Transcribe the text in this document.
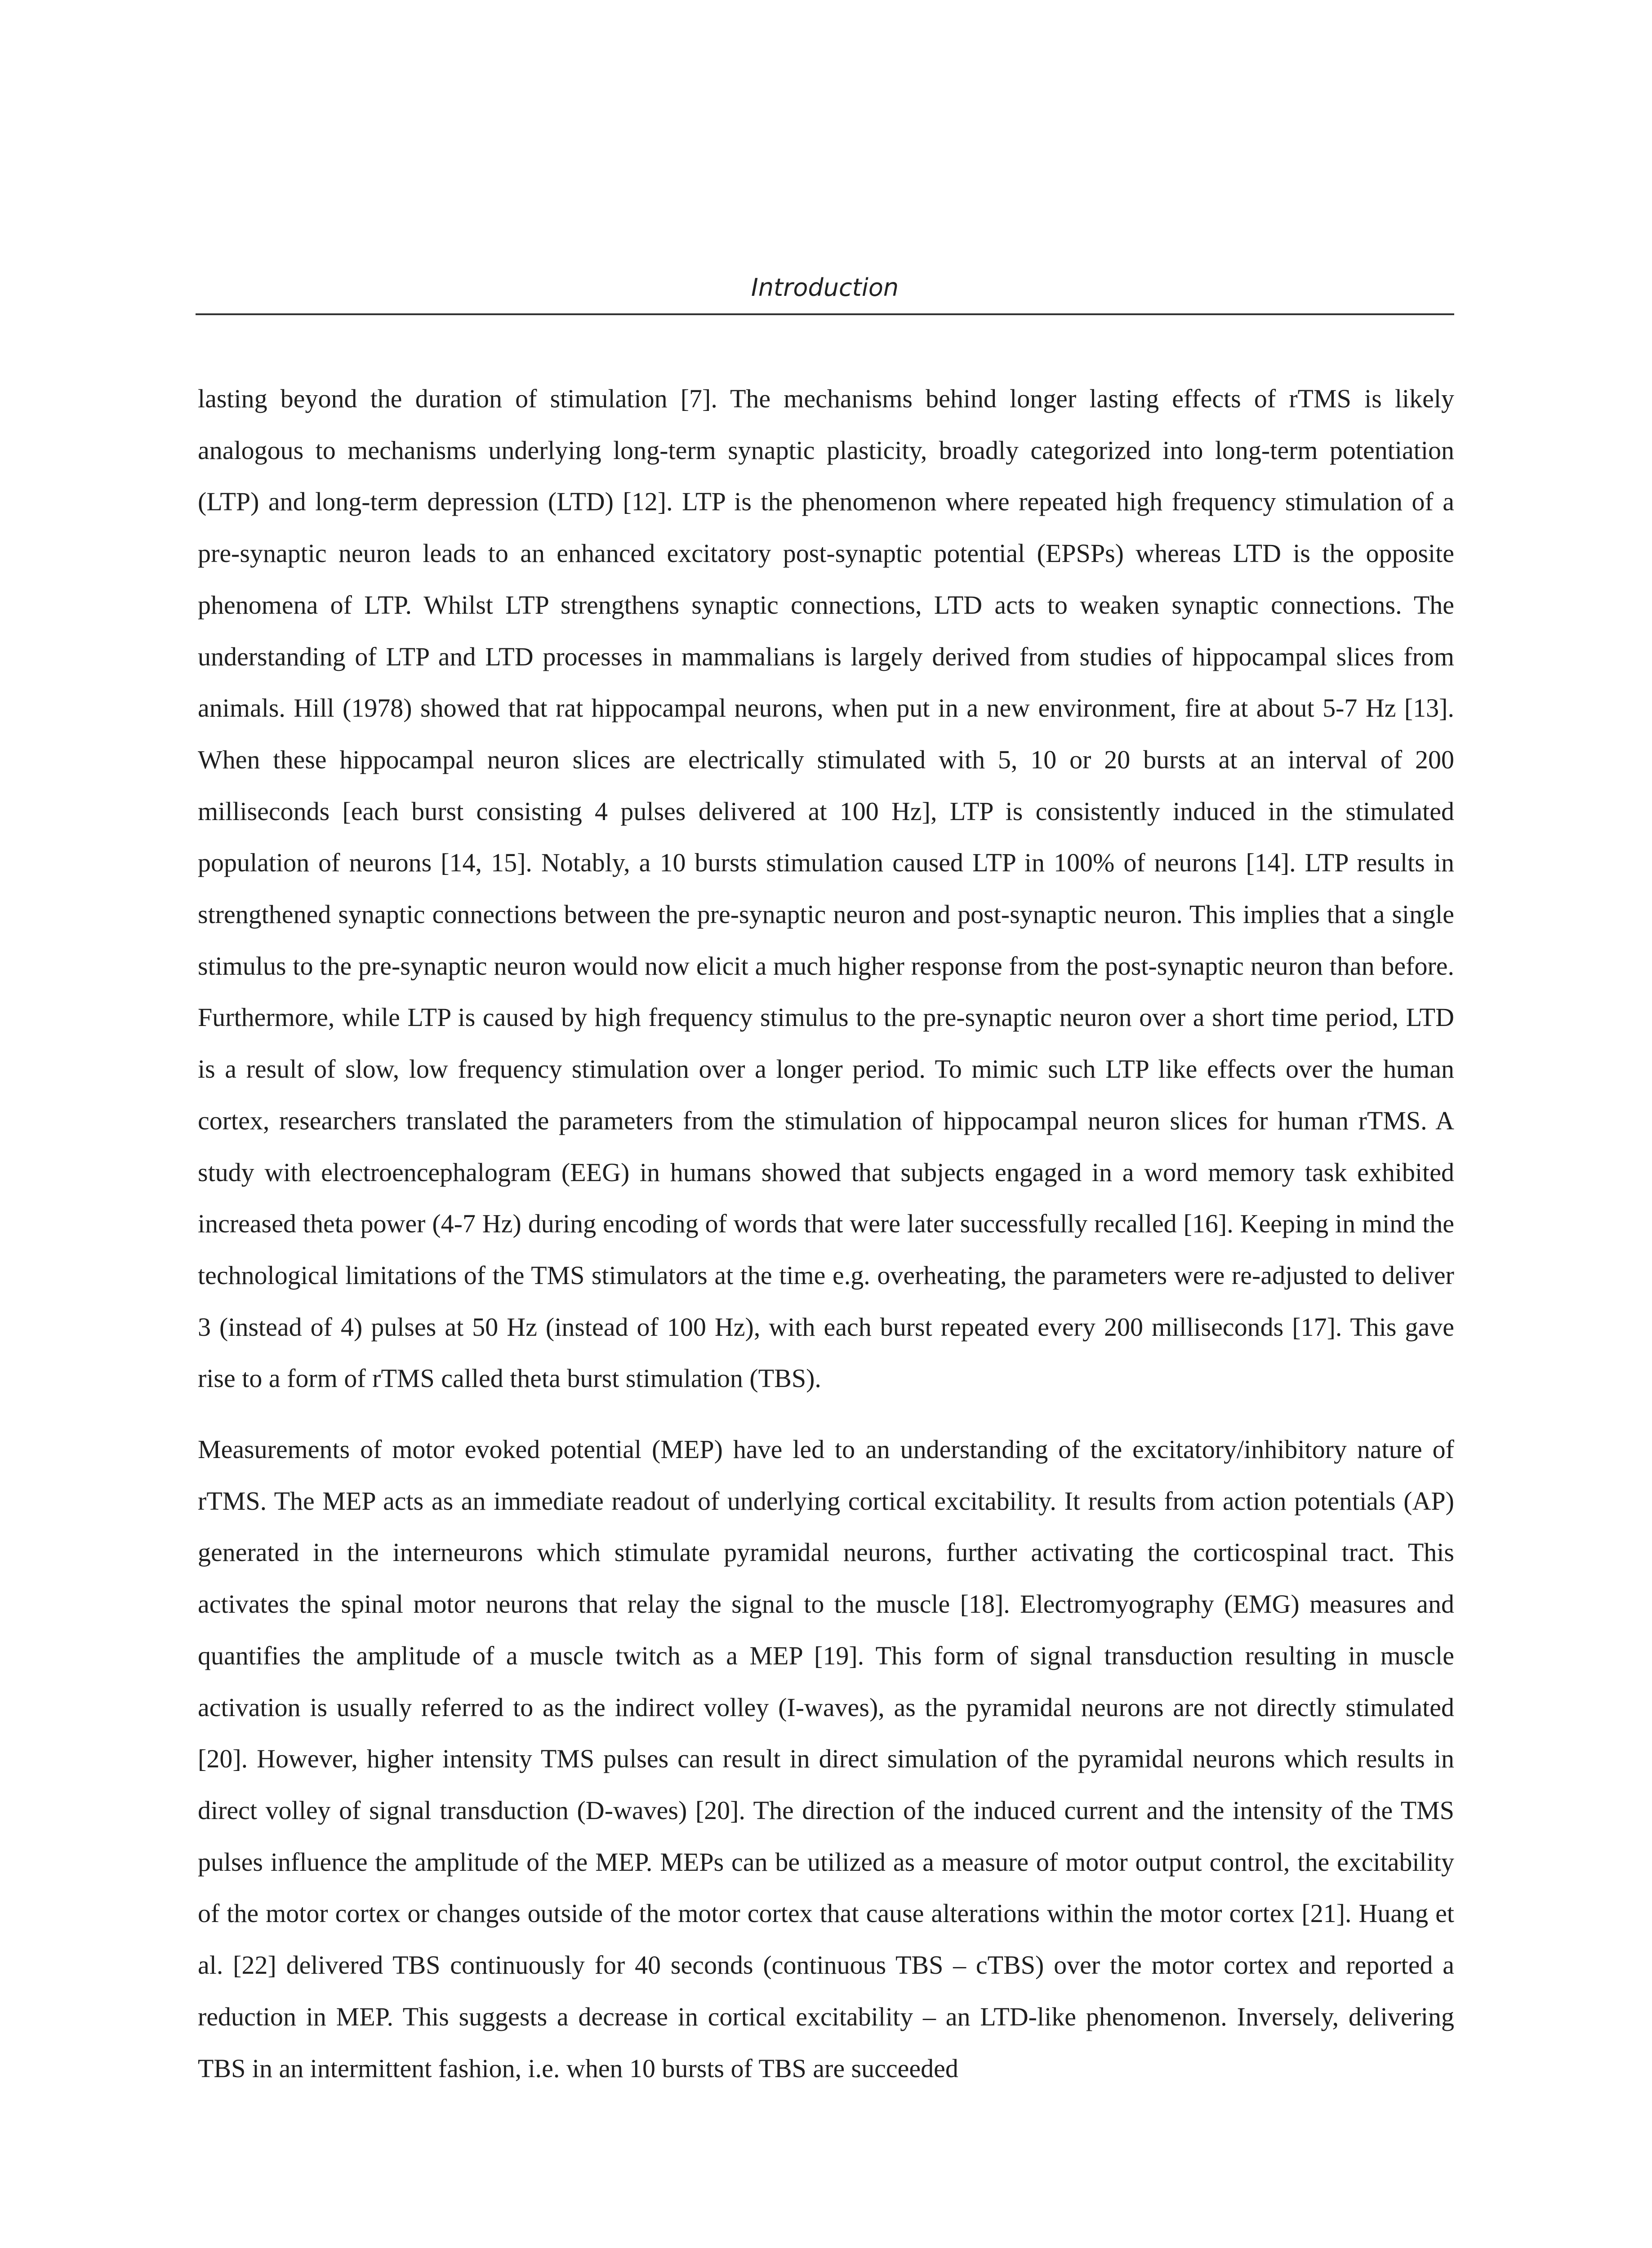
Introduction

lasting beyond the duration of stimulation [7]. The mechanisms behind longer lasting effects of rTMS is likely analogous to mechanisms underlying long-term synaptic plasticity, broadly categorized into long-term potentiation (LTP) and long-term depression (LTD) [12]. LTP is the phenomenon where repeated high frequency stimulation of a pre-synaptic neuron leads to an enhanced excitatory post-synaptic potential (EPSPs) whereas LTD is the opposite phenomena of LTP. Whilst LTP strengthens synaptic connections, LTD acts to weaken synaptic connections. The understanding of LTP and LTD processes in mammalians is largely derived from studies of hippocampal slices from animals. Hill (1978) showed that rat hippocampal neurons, when put in a new environment, fire at about 5-7 Hz [13]. When these hippocampal neuron slices are electrically stimulated with 5, 10 or 20 bursts at an interval of 200 milliseconds [each burst consisting 4 pulses delivered at 100 Hz], LTP is consistently induced in the stimulated population of neurons [14, 15]. Notably, a 10 bursts stimulation caused LTP in 100% of neurons [14]. LTP results in strengthened synaptic connections between the pre-synaptic neuron and post-synaptic neuron. This implies that a single stimulus to the pre-synaptic neuron would now elicit a much higher response from the post-synaptic neuron than before. Furthermore, while LTP is caused by high frequency stimulus to the pre-synaptic neuron over a short time period, LTD is a result of slow, low frequency stimulation over a longer period. To mimic such LTP like effects over the human cortex, researchers translated the parameters from the stimulation of hippocampal neuron slices for human rTMS. A study with electroencephalogram (EEG) in humans showed that subjects engaged in a word memory task exhibited increased theta power (4-7 Hz) during encoding of words that were later successfully recalled [16]. Keeping in mind the technological limitations of the TMS stimulators at the time e.g. overheating, the parameters were re-adjusted to deliver 3 (instead of 4) pulses at 50 Hz (instead of 100 Hz), with each burst repeated every 200 milliseconds [17]. This gave rise to a form of rTMS called theta burst stimulation (TBS).

Measurements of motor evoked potential (MEP) have led to an understanding of the excitatory/inhibitory nature of rTMS. The MEP acts as an immediate readout of underlying cortical excitability. It results from action potentials (AP) generated in the interneurons which stimulate pyramidal neurons, further activating the corticospinal tract. This activates the spinal motor neurons that relay the signal to the muscle [18]. Electromyography (EMG) measures and quantifies the amplitude of a muscle twitch as a MEP [19]. This form of signal transduction resulting in muscle activation is usually referred to as the indirect volley (I-waves), as the pyramidal neurons are not directly stimulated [20]. However, higher intensity TMS pulses can result in direct simulation of the pyramidal neurons which results in direct volley of signal transduction (D-waves) [20]. The direction of the induced current and the intensity of the TMS pulses influence the amplitude of the MEP. MEPs can be utilized as a measure of motor output control, the excitability of the motor cortex or changes outside of the motor cortex that cause alterations within the motor cortex [21]. Huang et al. [22] delivered TBS continuously for 40 seconds (continuous TBS – cTBS) over the motor cortex and reported a reduction in MEP. This suggests a decrease in cortical excitability – an LTD-like phenomenon. Inversely, delivering TBS in an intermittent fashion, i.e. when 10 bursts of TBS are succeeded
